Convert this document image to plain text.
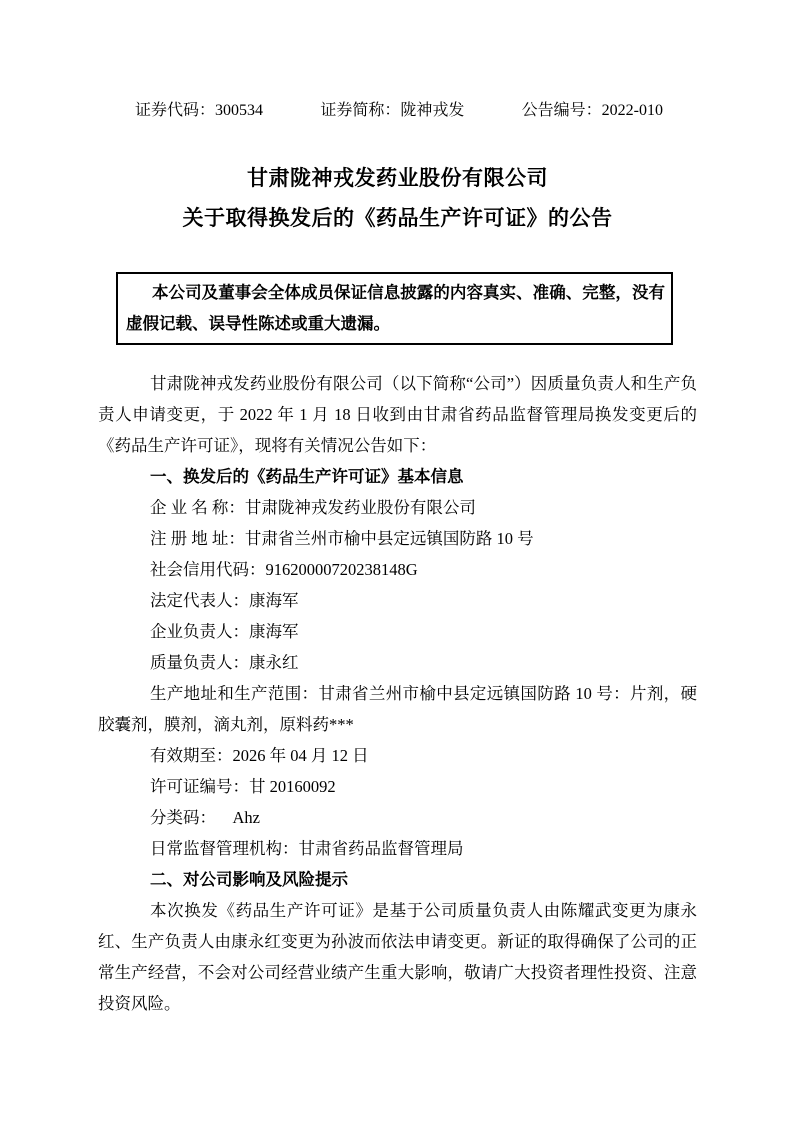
证券代码：300534	证券简称：陇神戎发	公告编号：2022-010
甘肃陇神戎发药业股份有限公司
关于取得换发后的《药品生产许可证》的公告

本公司及董事会全体成员保证信息披露的内容真实、准确、完整，没有虚假记载、误导性陈述或重大遗漏。

甘肃陇神戎发药业股份有限公司（以下简称“公司”）因质量负责人和生产负责人申请变更，于 2022 年 1 月 18 日收到由甘肃省药品监督管理局换发变更后的《药品生产许可证》，现将有关情况公告如下：

一、换发后的《药品生产许可证》基本信息

企 业 名 称：甘肃陇神戎发药业股份有限公司

注 册 地 址：甘肃省兰州市榆中县定远镇国防路 10 号

社会信用代码：91620000720238148G

法定代表人：康海军

企业负责人：康海军

质量负责人：康永红

生产地址和生产范围：甘肃省兰州市榆中县定远镇国防路 10 号：片剂，硬胶囊剂，膜剂，滴丸剂，原料药***

有效期至：2026 年 04 月 12 日

许可证编号：甘 20160092

分类码：    Ahz

日常监督管理机构：甘肃省药品监督管理局

二、对公司影响及风险提示

本次换发《药品生产许可证》是基于公司质量负责人由陈耀武变更为康永红、生产负责人由康永红变更为孙波而依法申请变更。新证的取得确保了公司的正常生产经营，不会对公司经营业绩产生重大影响，敬请广大投资者理性投资、注意投资风险。
